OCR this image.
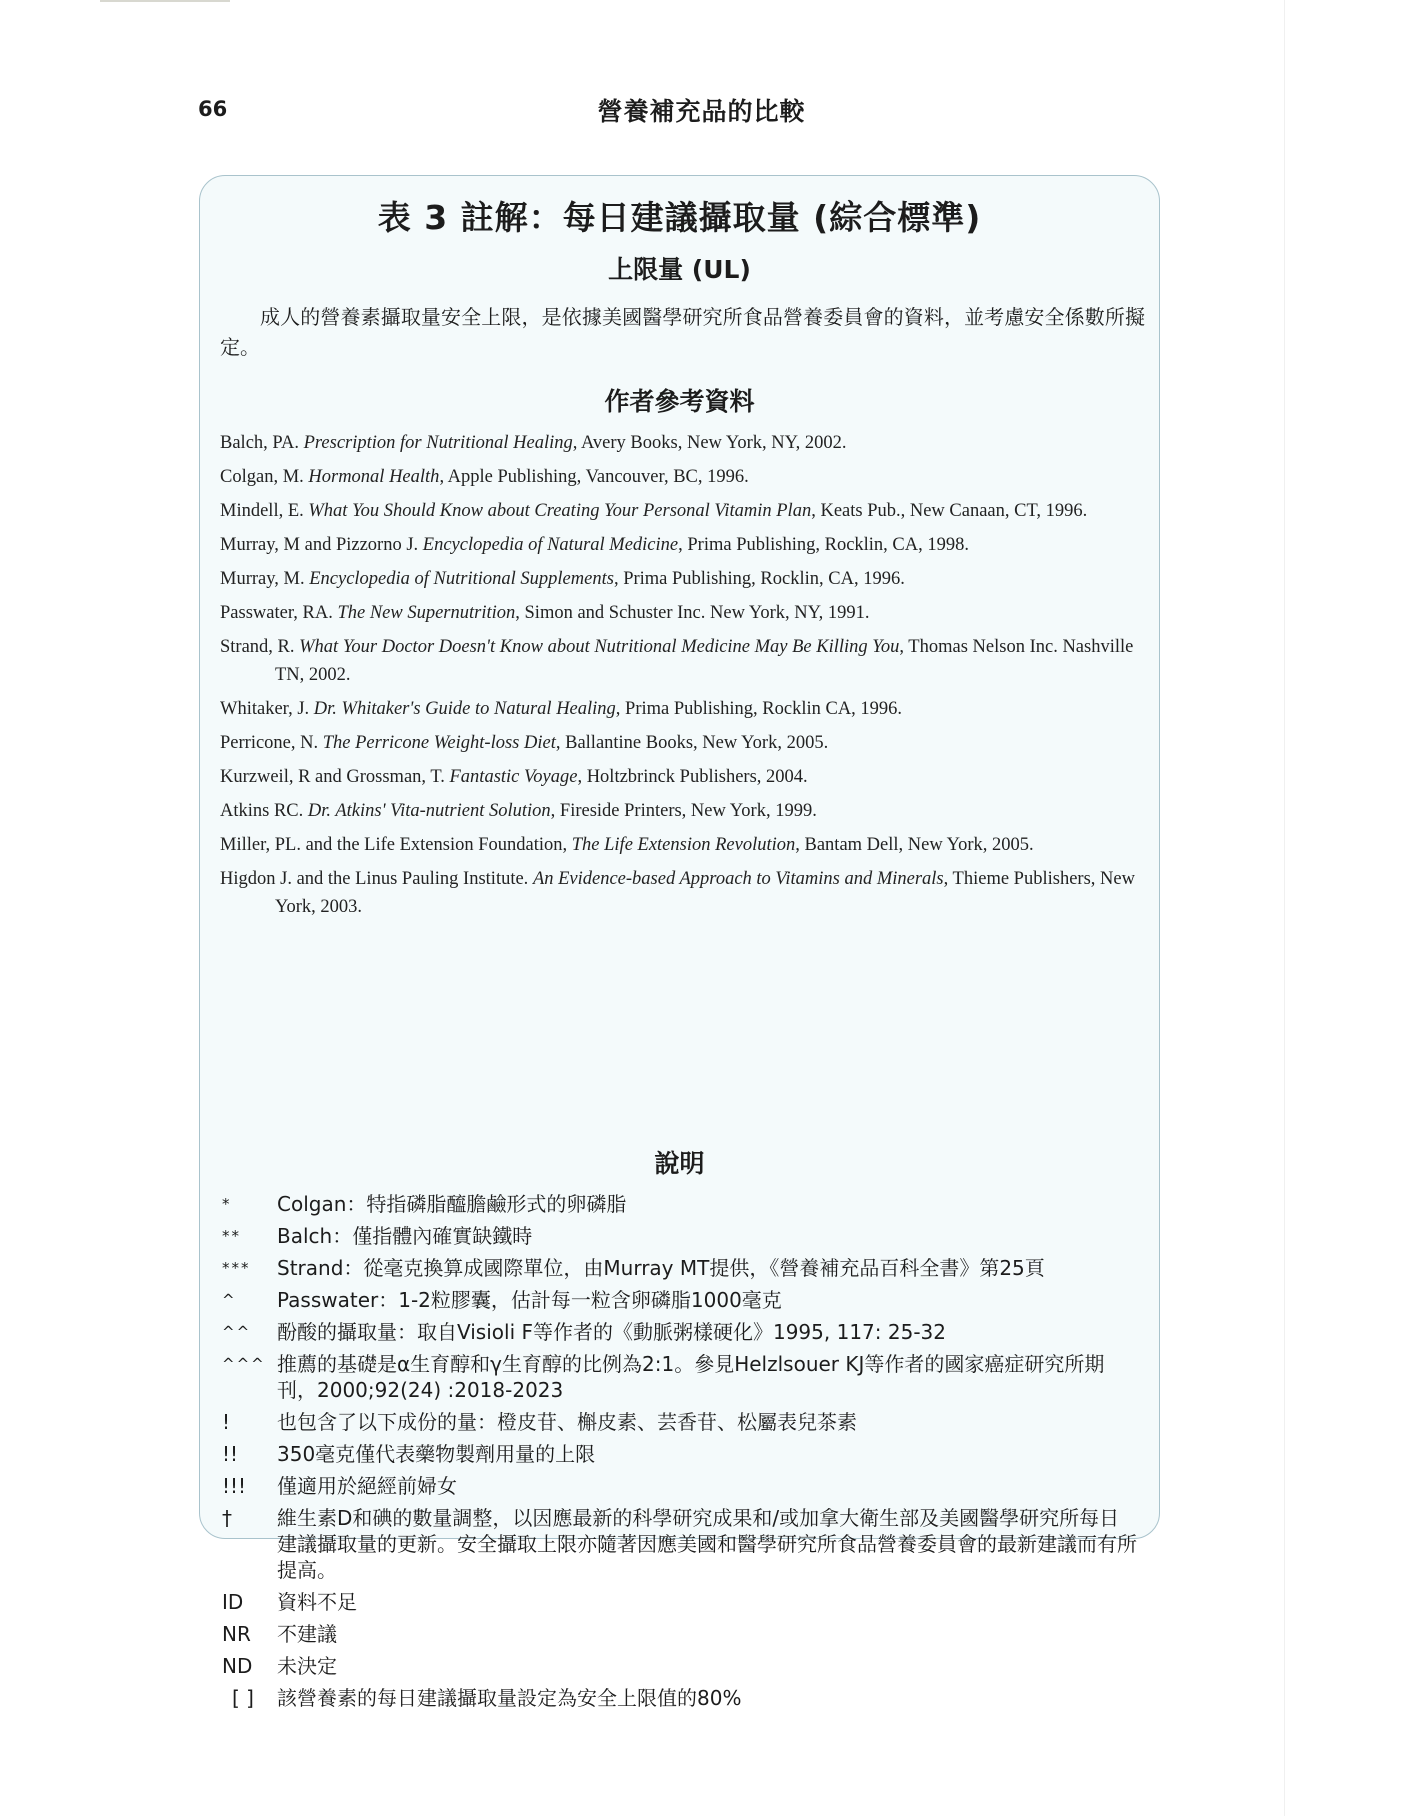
66	營養補充品的比較
表 3 註解：每日建議攝取量 (綜合標準)
上限量 (UL)
成人的營養素攝取量安全上限，是依據美國醫學研究所食品營養委員會的資料，並考慮安全係數所擬定。
作者參考資料
Balch, PA. Prescription for Nutritional Healing, Avery Books, New York, NY, 2002.
Colgan, M. Hormonal Health, Apple Publishing, Vancouver, BC, 1996.
Mindell, E. What You Should Know about Creating Your Personal Vitamin Plan, Keats Pub., New Canaan, CT, 1996.
Murray, M and Pizzorno J. Encyclopedia of Natural Medicine, Prima Publishing, Rocklin, CA, 1998.
Murray, M. Encyclopedia of Nutritional Supplements, Prima Publishing, Rocklin, CA, 1996.
Passwater, RA. The New Supernutrition, Simon and Schuster Inc. New York, NY, 1991.
Strand, R. What Your Doctor Doesn't Know about Nutritional Medicine May Be Killing You, Thomas Nelson Inc. Nashville TN, 2002.
Whitaker, J. Dr. Whitaker's Guide to Natural Healing, Prima Publishing, Rocklin CA, 1996.
Perricone, N. The Perricone Weight-loss Diet, Ballantine Books, New York, 2005.
Kurzweil, R and Grossman, T. Fantastic Voyage, Holtzbrinck Publishers, 2004.
Atkins RC. Dr. Atkins' Vita-nutrient Solution, Fireside Printers, New York, 1999.
Miller, PL. and the Life Extension Foundation, The Life Extension Revolution, Bantam Dell, New York, 2005.
Higdon J. and the Linus Pauling Institute. An Evidence-based Approach to Vitamins and Minerals, Thieme Publishers, New York, 2003.
說明
*	Colgan：特指磷脂醯膽鹼形式的卵磷脂
**	Balch：僅指體內確實缺鐵時
***	Strand：從毫克換算成國際單位，由Murray MT提供，《營養補充品百科全書》第25頁
^	Passwater：1-2粒膠囊，估計每一粒含卵磷脂1000毫克
^^	酚酸的攝取量：取自Visioli F等作者的《動脈粥樣硬化》1995, 117: 25-32
^^^ 推薦的基礎是α生育醇和γ生育醇的比例為2:1。參見Helzlsouer KJ等作者的國家癌症研究所期刊，2000;92(24) :2018-2023
!	也包含了以下成份的量：橙皮苷、槲皮素、芸香苷、松屬表兒茶素
!!	350毫克僅代表藥物製劑用量的上限
!!!	僅適用於絕經前婦女
†	維生素D和碘的數量調整，以因應最新的科學研究成果和/或加拿大衛生部及美國醫學研究所每日建議攝取量的更新。安全攝取上限亦隨著因應美國和醫學研究所食品營養委員會的最新建議而有所提高。
ID	資料不足
NR	不建議
ND	未決定
[ ]	該營養素的每日建議攝取量設定為安全上限值的80%
